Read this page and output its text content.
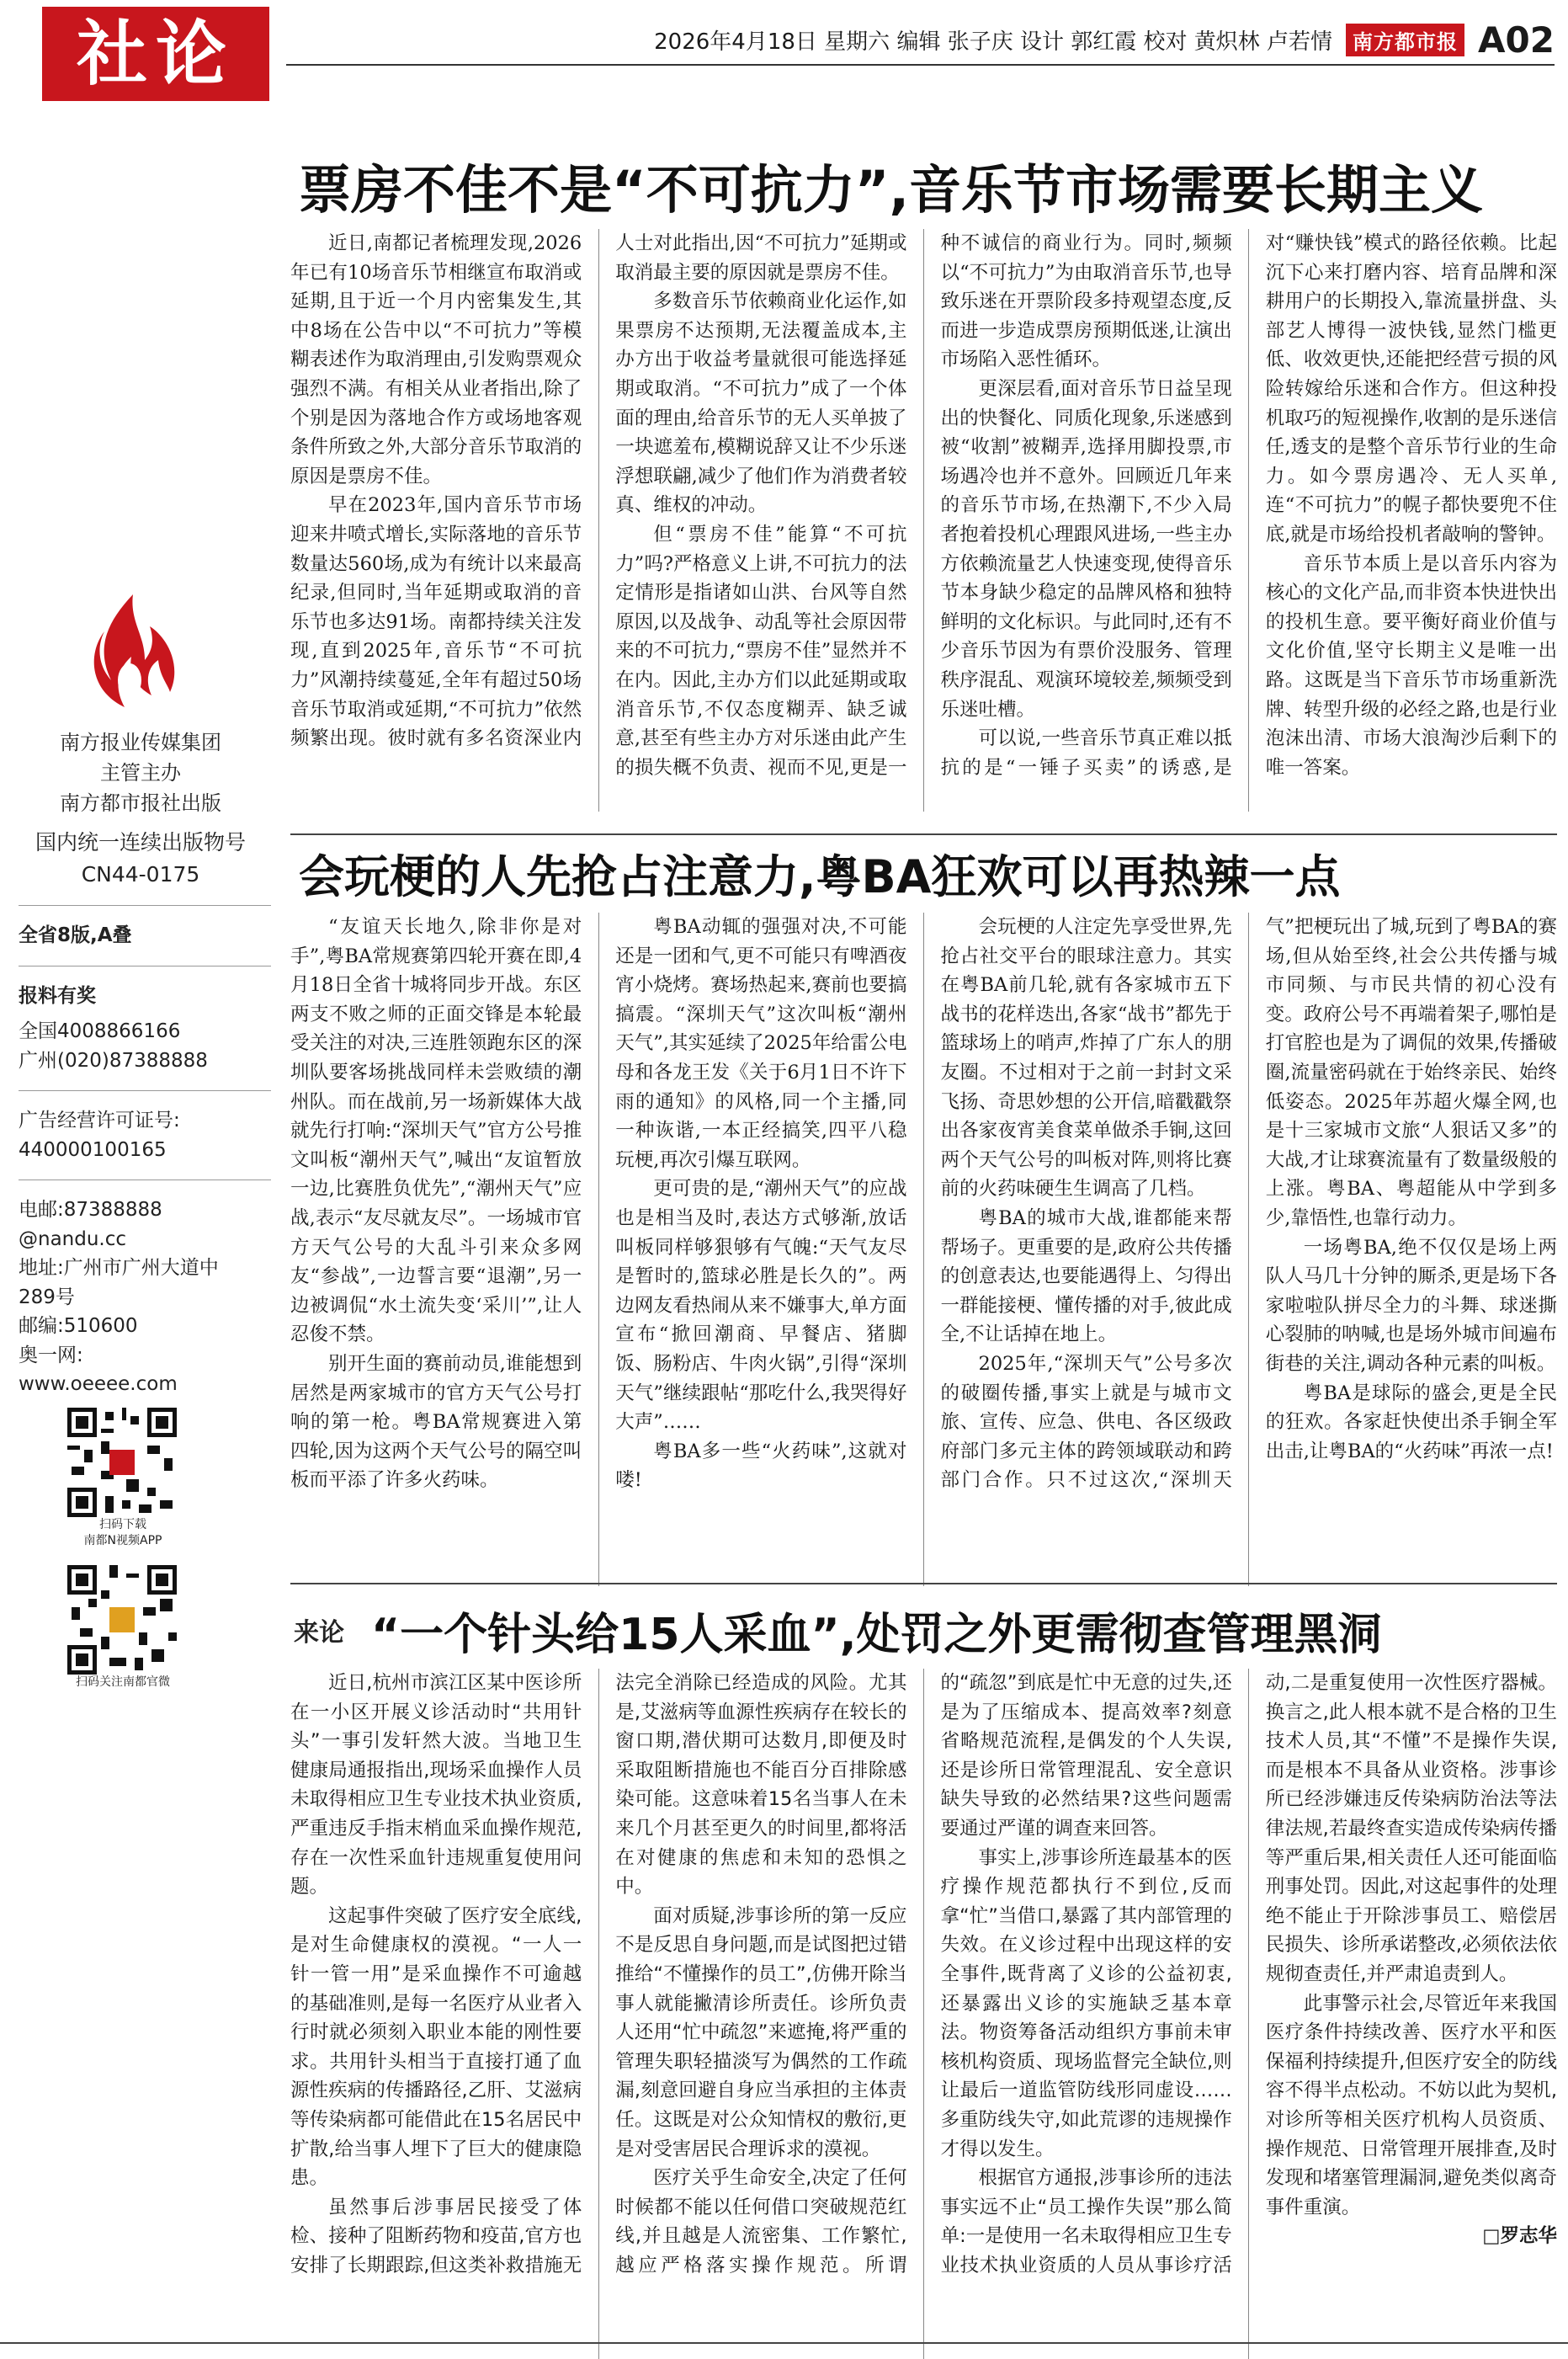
社论	2026年4月18日 星期六 编辑 张子庆 设计 郭红霞 校对 黄炽林 卢若情	南方都市报 A02
南方报业传媒集团
主管主办
南方都市报社出版
国内统一连续出版物号
CN44-0175
全省8版,A叠
报料有奖
全国4008866166
广州(020)87388888
广告经营许可证号:
440000100165
电邮:87388888
@nandu.cc
地址:广州市广州大道中
289号
邮编:510600
奥一网:
www.oeeee.com
扫码下载
南都N视频APP
扫码关注南都官微
票房不佳不是“不可抗力”,音乐节市场需要长期主义

近日,南都记者梳理发现,2026年已有10场音乐节相继宣布取消或延期,且于近一个月内密集发生,其中8场在公告中以“不可抗力”等模糊表述作为取消理由,引发购票观众强烈不满。有相关从业者指出,除了个别是因为落地合作方或场地客观条件所致之外,大部分音乐节取消的原因是票房不佳。

早在2023年,国内音乐节市场迎来井喷式增长,实际落地的音乐节数量达560场,成为有统计以来最高纪录,但同时,当年延期或取消的音乐节也多达91场。南都持续关注发现,直到2025年,音乐节“不可抗力”风潮持续蔓延,全年有超过50场音乐节取消或延期,“不可抗力”依然频繁出现。彼时就有多名资深业内人士对此指出,因“不可抗力”延期或取消最主要的原因就是票房不佳。

多数音乐节依赖商业化运作,如果票房不达预期,无法覆盖成本,主办方出于收益考量就很可能选择延期或取消。“不可抗力”成了一个体面的理由,给音乐节的无人买单披了一块遮羞布,模糊说辞又让不少乐迷浮想联翩,减少了他们作为消费者较真、维权的冲动。

但“票房不佳”能算“不可抗力”吗?严格意义上讲,不可抗力的法定情形是指诸如山洪、台风等自然原因,以及战争、动乱等社会原因带来的不可抗力,“票房不佳”显然并不在内。因此,主办方们以此延期或取消音乐节,不仅态度糊弄、缺乏诚意,甚至有些主办方对乐迷由此产生的损失概不负责、视而不见,更是一种不诚信的商业行为。同时,频频以“不可抗力”为由取消音乐节,也导致乐迷在开票阶段多持观望态度,反而进一步造成票房预期低迷,让演出市场陷入恶性循环。

更深层看,面对音乐节日益呈现出的快餐化、同质化现象,乐迷感到被“收割”被糊弄,选择用脚投票,市场遇冷也并不意外。回顾近几年来的音乐节市场,在热潮下,不少入局者抱着投机心理跟风进场,一些主办方依赖流量艺人快速变现,使得音乐节本身缺少稳定的品牌风格和独特鲜明的文化标识。与此同时,还有不少音乐节因为有票价没服务、管理秩序混乱、观演环境较差,频频受到乐迷吐槽。

可以说,一些音乐节真正难以抵抗的是“一锤子买卖”的诱惑,是对“赚快钱”模式的路径依赖。比起沉下心来打磨内容、培育品牌和深耕用户的长期投入,靠流量拼盘、头部艺人博得一波快钱,显然门槛更低、收效更快,还能把经营亏损的风险转嫁给乐迷和合作方。但这种投机取巧的短视操作,收割的是乐迷信任,透支的是整个音乐节行业的生命力。如今票房遇冷、无人买单,连“不可抗力”的幌子都快要兜不住底,就是市场给投机者敲响的警钟。

音乐节本质上是以音乐内容为核心的文化产品,而非资本快进快出的投机生意。要平衡好商业价值与文化价值,坚守长期主义是唯一出路。这既是当下音乐节市场重新洗牌、转型升级的必经之路,也是行业泡沫出清、市场大浪淘沙后剩下的唯一答案。

会玩梗的人先抢占注意力,粤BA狂欢可以再热辣一点

“友谊天长地久,除非你是对手”,粤BA常规赛第四轮开赛在即,4月18日全省十城将同步开战。东区两支不败之师的正面交锋是本轮最受关注的对决,三连胜领跑东区的深圳队要客场挑战同样未尝败绩的潮州队。而在战前,另一场新媒体大战就先行打响:“深圳天气”官方公号推文叫板“潮州天气”,喊出“友谊暂放一边,比赛胜负优先”,“潮州天气”应战,表示“友尽就友尽”。一场城市官方天气公号的大乱斗引来众多网友“参战”,一边誓言要“退潮”,另一边被调侃“水土流失变‘采川’”,让人忍俊不禁。

别开生面的赛前动员,谁能想到居然是两家城市的官方天气公号打响的第一枪。粤BA常规赛进入第四轮,因为这两个天气公号的隔空叫板而平添了许多火药味。

粤BA动辄的强强对决,不可能还是一团和气,更不可能只有啤酒夜宵小烧烤。赛场热起来,赛前也要搞搞震。“深圳天气”这次叫板“潮州天气”,其实延续了2025年给雷公电母和各龙王发《关于6月1日不许下雨的通知》的风格,同一个主播,同一种诙谐,一本正经搞笑,四平八稳玩梗,再次引爆互联网。

更可贵的是,“潮州天气”的应战也是相当及时,表达方式够渐,放话叫板同样够狠够有气魄:“天气友尽是暂时的,篮球必胜是长久的”。两边网友看热闹从来不嫌事大,单方面宣布“掀回潮商、早餐店、猪脚饭、肠粉店、牛肉火锅”,引得“深圳天气”继续跟帖“那吃什么,我哭得好大声”……

粤BA多一些“火药味”,这就对喽!

会玩梗的人注定先享受世界,先抢占社交平台的眼球注意力。其实在粤BA前几轮,就有各家城市五下战书的花样迭出,各家“战书”都先于篮球场上的哨声,炸掉了广东人的朋友圈。不过相对于之前一封封文采飞扬、奇思妙想的公开信,暗戳戳祭出各家夜宵美食菜单做杀手锏,这回两个天气公号的叫板对阵,则将比赛前的火药味硬生生调高了几档。

粤BA的城市大战,谁都能来帮帮场子。更重要的是,政府公共传播的创意表达,也要能遇得上、匀得出一群能接梗、懂传播的对手,彼此成全,不让话掉在地上。

2025年,“深圳天气”公号多次的破圈传播,事实上就是与城市文旅、宣传、应急、供电、各区级政府部门多元主体的跨领域联动和跨部门合作。只不过这次,“深圳天气”把梗玩出了城,玩到了粤BA的赛场,但从始至终,社会公共传播与城市同频、与市民共情的初心没有变。政府公号不再端着架子,哪怕是打官腔也是为了调侃的效果,传播破圈,流量密码就在于始终亲民、始终低姿态。2025年苏超火爆全网,也是十三家城市文旅“人狠话又多”的大战,才让球赛流量有了数量级般的上涨。粤BA、粤超能从中学到多少,靠悟性,也靠行动力。

一场粤BA,绝不仅仅是场上两队人马几十分钟的厮杀,更是场下各家啦啦队拼尽全力的斗舞、球迷撕心裂肺的呐喊,也是场外城市间遍布街巷的关注,调动各种元素的叫板。

粤BA是球际的盛会,更是全民的狂欢。各家赶快使出杀手锏全军出击,让粤BA的“火药味”再浓一点!

来论 “一个针头给15人采血”,处罚之外更需彻查管理黑洞

近日,杭州市滨江区某中医诊所在一小区开展义诊活动时“共用针头”一事引发轩然大波。当地卫生健康局通报指出,现场采血操作人员未取得相应卫生专业技术执业资质,严重违反手指末梢血采血操作规范,存在一次性采血针违规重复使用问题。

这起事件突破了医疗安全底线,是对生命健康权的漠视。“一人一针一管一用”是采血操作不可逾越的基础准则,是每一名医疗从业者入行时就必须刻入职业本能的刚性要求。共用针头相当于直接打通了血源性疾病的传播路径,乙肝、艾滋病等传染病都可能借此在15名居民中扩散,给当事人埋下了巨大的健康隐患。

虽然事后涉事居民接受了体检、接种了阻断药物和疫苗,官方也安排了长期跟踪,但这类补救措施无法完全消除已经造成的风险。尤其是,艾滋病等血源性疾病存在较长的窗口期,潜伏期可达数月,即便及时采取阻断措施也不能百分百排除感染可能。这意味着15名当事人在未来几个月甚至更久的时间里,都将活在对健康的焦虑和未知的恐惧之中。

面对质疑,涉事诊所的第一反应不是反思自身问题,而是试图把过错推给“不懂操作的员工”,仿佛开除当事人就能撇清诊所责任。诊所负责人还用“忙中疏忽”来遮掩,将严重的管理失职轻描淡写为偶然的工作疏漏,刻意回避自身应当承担的主体责任。这既是对公众知情权的敷衍,更是对受害居民合理诉求的漠视。

医疗关乎生命安全,决定了任何时候都不能以任何借口突破规范红线,并且越是人流密集、工作繁忙,越应严格落实操作规范。所谓的“疏忽”到底是忙中无意的过失,还是为了压缩成本、提高效率?刻意省略规范流程,是偶发的个人失误,还是诊所日常管理混乱、安全意识缺失导致的必然结果?这些问题需要通过严谨的调查来回答。

事实上,涉事诊所连最基本的医疗操作规范都执行不到位,反而拿“忙”当借口,暴露了其内部管理的失效。在义诊过程中出现这样的安全事件,既背离了义诊的公益初衷,还暴露出义诊的实施缺乏基本章法。物资筹备活动组织方事前未审核机构资质、现场监督完全缺位,则让最后一道监管防线形同虚设……多重防线失守,如此荒谬的违规操作才得以发生。

根据官方通报,涉事诊所的违法事实远不止“员工操作失误”那么简单:一是使用一名未取得相应卫生专业技术执业资质的人员从事诊疗活动,二是重复使用一次性医疗器械。换言之,此人根本就不是合格的卫生技术人员,其“不懂”不是操作失误,而是根本不具备从业资格。涉事诊所已经涉嫌违反传染病防治法等法律法规,若最终查实造成传染病传播等严重后果,相关责任人还可能面临刑事处罚。因此,对这起事件的处理绝不能止于开除涉事员工、赔偿居民损失、诊所承诺整改,必须依法依规彻查责任,并严肃追责到人。

此事警示社会,尽管近年来我国医疗条件持续改善、医疗水平和医保福利持续提升,但医疗安全的防线容不得半点松动。不妨以此为契机,对诊所等相关医疗机构人员资质、操作规范、日常管理开展排查,及时发现和堵塞管理漏洞,避免类似离奇事件重演。

□罗志华
